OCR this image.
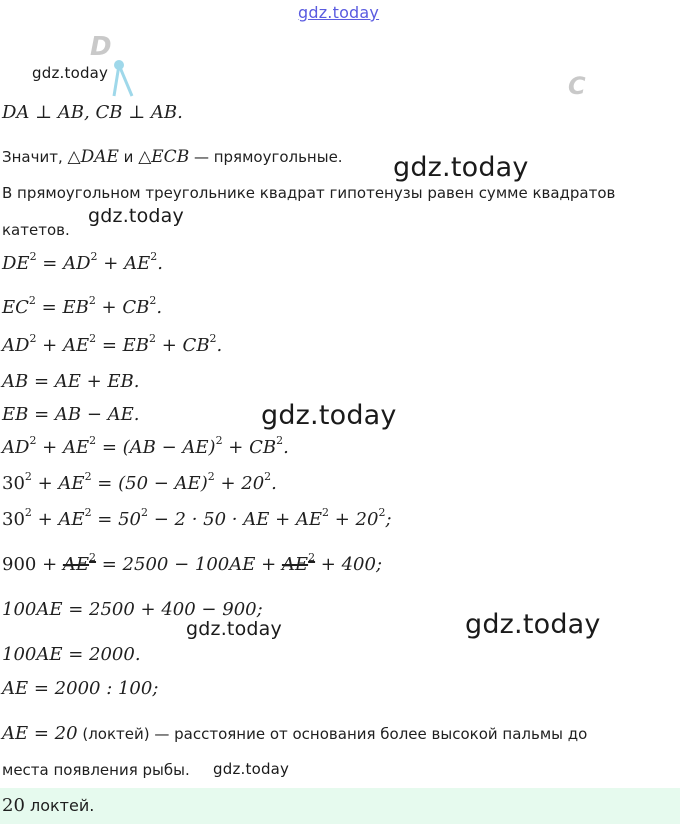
gdz.today
D
C
gdz.today
DA ⊥ AB, CB ⊥ AB.
Значит, △DAE и △ECB — прямоугольные. gdz.today
В прямоугольном треугольнике квадрат гипотенузы равен сумме квадратов катетов.
gdz.today
$DE^2 = AD^2 + AE^2$.
$EC^2 = EB^2 + CB^2$.
$AD^2 + AE^2 = EB^2 + CB^2$.
AB = AE + EB.
EB = AB − AE.	gdz.today
$AD^2 + AE^2 = (AB - AE)^2 + CB^2$.
$30^2 + AE^2 = (50 - AE)^2 + 20^2$.
$30^2 + AE^2 = 50^2 - 2 \cdot 50$ · AE + $AE^2 + 20^2$;
$900 + AE^2 = 2500 - 100AE + AE^2 + 400$;
100AE = 2500 + 400 − 900;
gdz.today	gdz.today
100AE = 2000.
AE = 2000 : 100;
AE = 20 (локтей) — расстояние от основания более высокой пальмы до
места появления рыбы. gdz.today
20 локтей.
